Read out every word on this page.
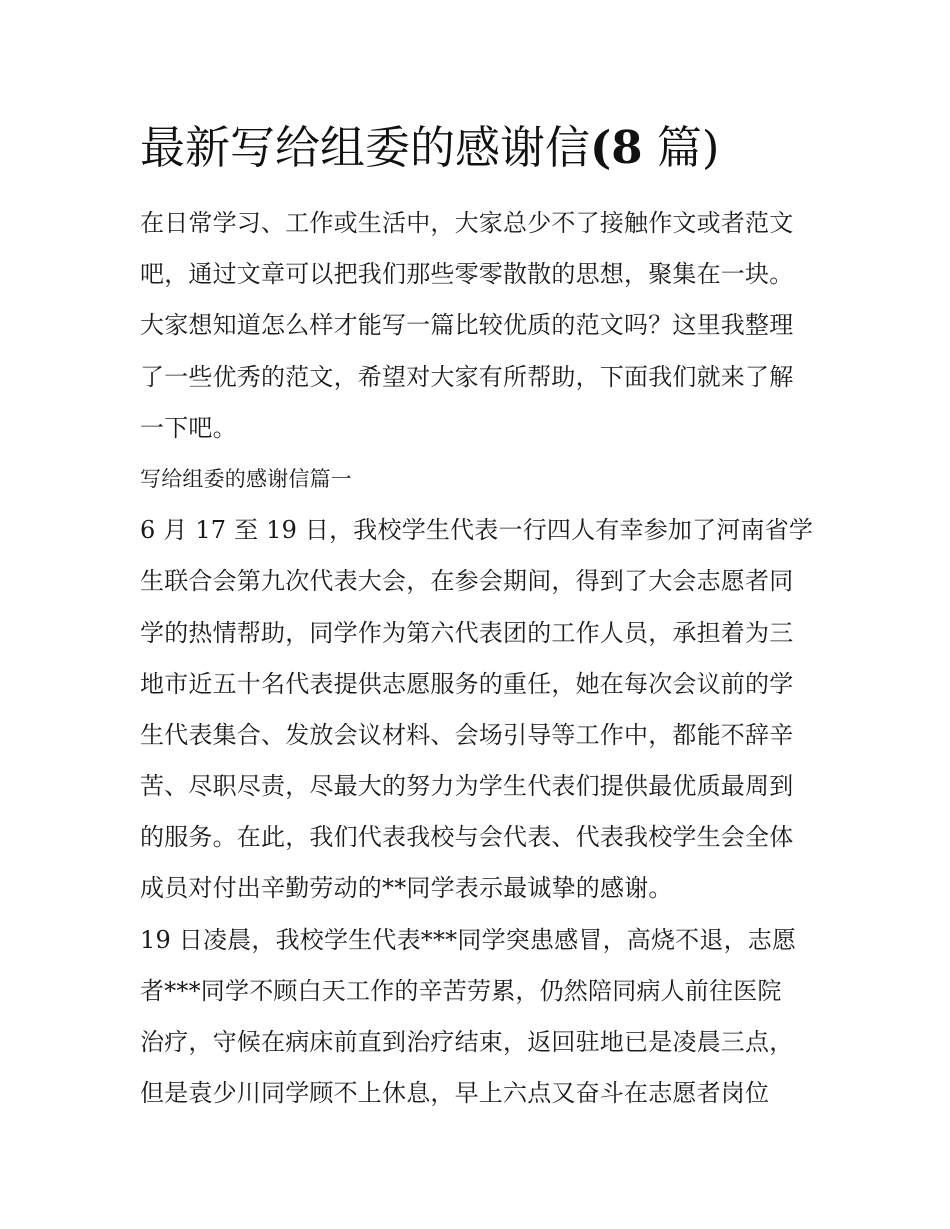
最新写给组委的感谢信(8 篇)
在日常学习、工作或生活中，大家总少不了接触作文或者范文
吧，通过文章可以把我们那些零零散散的思想，聚集在一块。
大家想知道怎么样才能写一篇比较优质的范文吗？这里我整理
了一些优秀的范文，希望对大家有所帮助，下面我们就来了解
一下吧。
写给组委的感谢信篇一
6 月 17 至 19 日，我校学生代表一行四人有幸参加了河南省学
生联合会第九次代表大会，在参会期间，得到了大会志愿者同
学的热情帮助，同学作为第六代表团的工作人员，承担着为三
地市近五十名代表提供志愿服务的重任，她在每次会议前的学
生代表集合、发放会议材料、会场引导等工作中，都能不辞辛
苦、尽职尽责，尽最大的努力为学生代表们提供最优质最周到
的服务。在此，我们代表我校与会代表、代表我校学生会全体
成员对付出辛勤劳动的**同学表示最诚挚的感谢。
19 日凌晨，我校学生代表***同学突患感冒，高烧不退，志愿
者***同学不顾白天工作的辛苦劳累，仍然陪同病人前往医院
治疗，守候在病床前直到治疗结束，返回驻地已是凌晨三点，
但是袁少川同学顾不上休息，早上六点又奋斗在志愿者岗位
